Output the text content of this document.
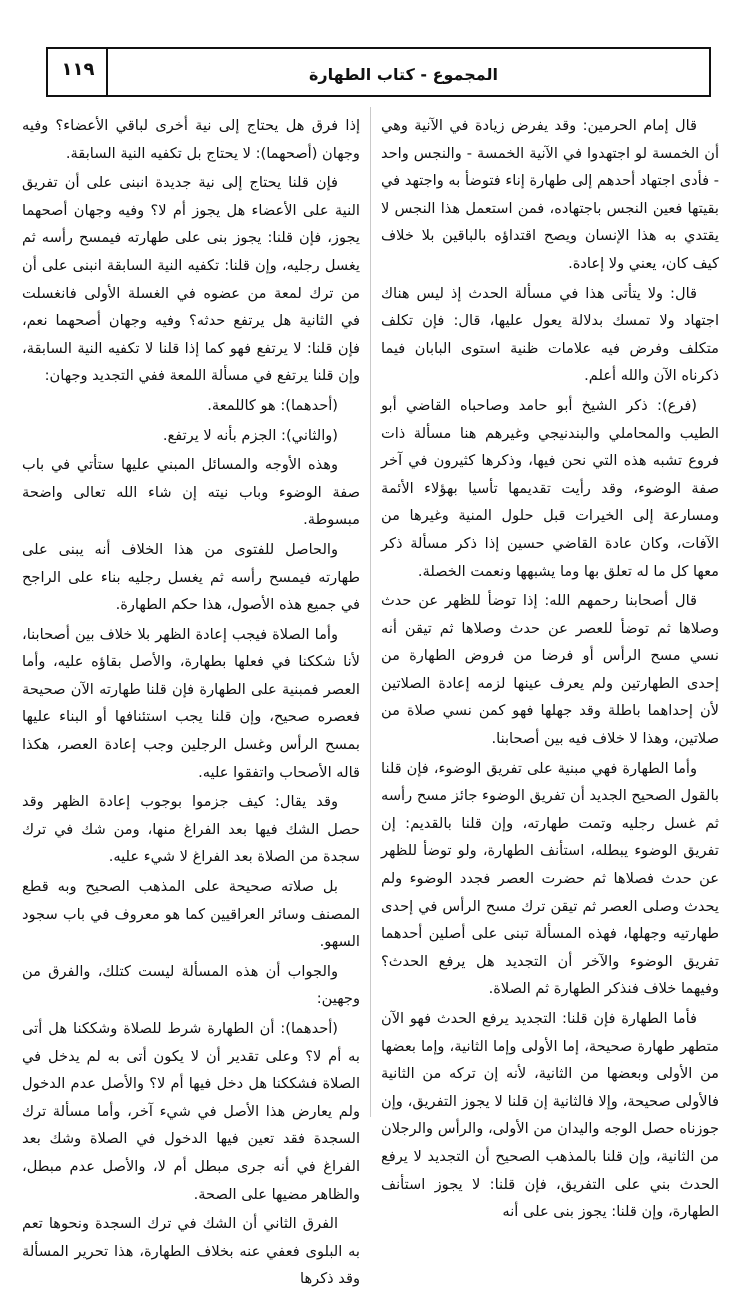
١١٩	المجموع - كتاب الطهارة

قال إمام الحرمين: وقد يفرض زيادة في الآنية وهي أن الخمسة لو اجتهدوا في الآنية الخمسة - والنجس واحد - فأدى اجتهاد أحدهم إلى طهارة إناء فتوضأ به واجتهد في بقيتها فعين النجس باجتهاده، فمن استعمل هذا النجس لا يقتدي به هذا الإنسان ويصح اقتداؤه بالباقين بلا خلاف كيف كان، يعني ولا إعادة.

قال: ولا يتأتى هذا في مسألة الحدث إذ ليس هناك اجتهاد ولا تمسك بدلالة يعول عليها، قال: فإن تكلف متكلف وفرض فيه علامات ظنية استوى البابان فيما ذكرناه الآن والله أعلم.

(فرع): ذكر الشيخ أبو حامد وصاحباه القاضي أبو الطيب والمحاملي والبندنيجي وغيرهم هنا مسألة ذات فروع تشبه هذه التي نحن فيها، وذكرها كثيرون في آخر صفة الوضوء، وقد رأيت تقديمها تأسيا بهؤلاء الأئمة ومسارعة إلى الخيرات قبل حلول المنية وغيرها من الآفات، وكان عادة القاضي حسين إذا ذكر مسألة ذكر معها كل ما له تعلق بها وما يشبهها ونعمت الخصلة.

قال أصحابنا رحمهم الله: إذا توضأ للظهر عن حدث وصلاها ثم توضأ للعصر عن حدث وصلاها ثم تيقن أنه نسي مسح الرأس أو فرضا من فروض الطهارة من إحدى الطهارتين ولم يعرف عينها لزمه إعادة الصلاتين لأن إحداهما باطلة وقد جهلها فهو كمن نسي صلاة من صلاتين، وهذا لا خلاف فيه بين أصحابنا.

وأما الطهارة فهي مبنية على تفريق الوضوء، فإن قلنا بالقول الصحيح الجديد أن تفريق الوضوء جائز مسح رأسه ثم غسل رجليه وتمت طهارته، وإن قلنا بالقديم: إن تفريق الوضوء يبطله، استأنف الطهارة، ولو توضأ للظهر عن حدث فصلاها ثم حضرت العصر فجدد الوضوء ولم يحدث وصلى العصر ثم تيقن ترك مسح الرأس في إحدى طهارتيه وجهلها، فهذه المسألة تبنى على أصلين أحدهما تفريق الوضوء والآخر أن التجديد هل يرفع الحدث؟ وفيهما خلاف فنذكر الطهارة ثم الصلاة.

فأما الطهارة فإن قلنا: التجديد يرفع الحدث فهو الآن متطهر طهارة صحيحة، إما الأولى وإما الثانية، وإما بعضها من الأولى وبعضها من الثانية، لأنه إن تركه من الثانية فالأولى صحيحة، وإلا فالثانية إن قلنا لا يجوز التفريق، وإن جوزناه حصل الوجه واليدان من الأولى، والرأس والرجلان من الثانية، وإن قلنا بالمذهب الصحيح أن التجديد لا يرفع الحدث بني على التفريق، فإن قلنا: لا يجوز استأنف الطهارة، وإن قلنا: يجوز بنى على أنه

إذا فرق هل يحتاج إلى نية أخرى لباقي الأعضاء؟ وفيه وجهان (أصحهما): لا يحتاج بل تكفيه النية السابقة.

فإن قلنا يحتاج إلى نية جديدة انبنى على أن تفريق النية على الأعضاء هل يجوز أم لا؟ وفيه وجهان أصحهما يجوز، فإن قلنا: يجوز بنى على طهارته فيمسح رأسه ثم يغسل رجليه، وإن قلنا: تكفيه النية السابقة انبنى على أن من ترك لمعة من عضوه في الغسلة الأولى فانغسلت في الثانية هل يرتفع حدثه؟ وفيه وجهان أصحهما نعم، فإن قلنا: لا يرتفع فهو كما إذا قلنا لا تكفيه النية السابقة، وإن قلنا يرتفع في مسألة اللمعة ففي التجديد وجهان:

(أحدهما): هو كاللمعة.

(والثاني): الجزم بأنه لا يرتفع.

وهذه الأوجه والمسائل المبني عليها ستأتي في باب صفة الوضوء وباب نيته إن شاء الله تعالى واضحة مبسوطة.

والحاصل للفتوى من هذا الخلاف أنه يبنى على طهارته فيمسح رأسه ثم يغسل رجليه بناء على الراجح في جميع هذه الأصول، هذا حكم الطهارة.

وأما الصلاة فيجب إعادة الظهر بلا خلاف بين أصحابنا، لأنا شككنا في فعلها بطهارة، والأصل بقاؤه عليه، وأما العصر فمبنية على الطهارة فإن قلنا طهارته الآن صحيحة فعصره صحيح، وإن قلنا يجب استئنافها أو البناء عليها بمسح الرأس وغسل الرجلين وجب إعادة العصر، هكذا قاله الأصحاب واتفقوا عليه.

وقد يقال: كيف جزموا بوجوب إعادة الظهر وقد حصل الشك فيها بعد الفراغ منها، ومن شك في ترك سجدة من الصلاة بعد الفراغ لا شيء عليه.

بل صلاته صحيحة على المذهب الصحيح وبه قطع المصنف وسائر العراقيين كما هو معروف في باب سجود السهو.

والجواب أن هذه المسألة ليست كتلك، والفرق من وجهين:

(أحدهما): أن الطهارة شرط للصلاة وشككنا هل أتى به أم لا؟ وعلى تقدير أن لا يكون أتى به لم يدخل في الصلاة فشككنا هل دخل فيها أم لا؟ والأصل عدم الدخول ولم يعارض هذا الأصل في شيء آخر، وأما مسألة ترك السجدة فقد تعين فيها الدخول في الصلاة وشك بعد الفراغ في أنه جرى مبطل أم لا، والأصل عدم مبطل، والظاهر مضيها على الصحة.

الفرق الثاني أن الشك في ترك السجدة ونحوها تعم به البلوى فعفي عنه بخلاف الطهارة، هذا تحرير المسألة وقد ذكرها
